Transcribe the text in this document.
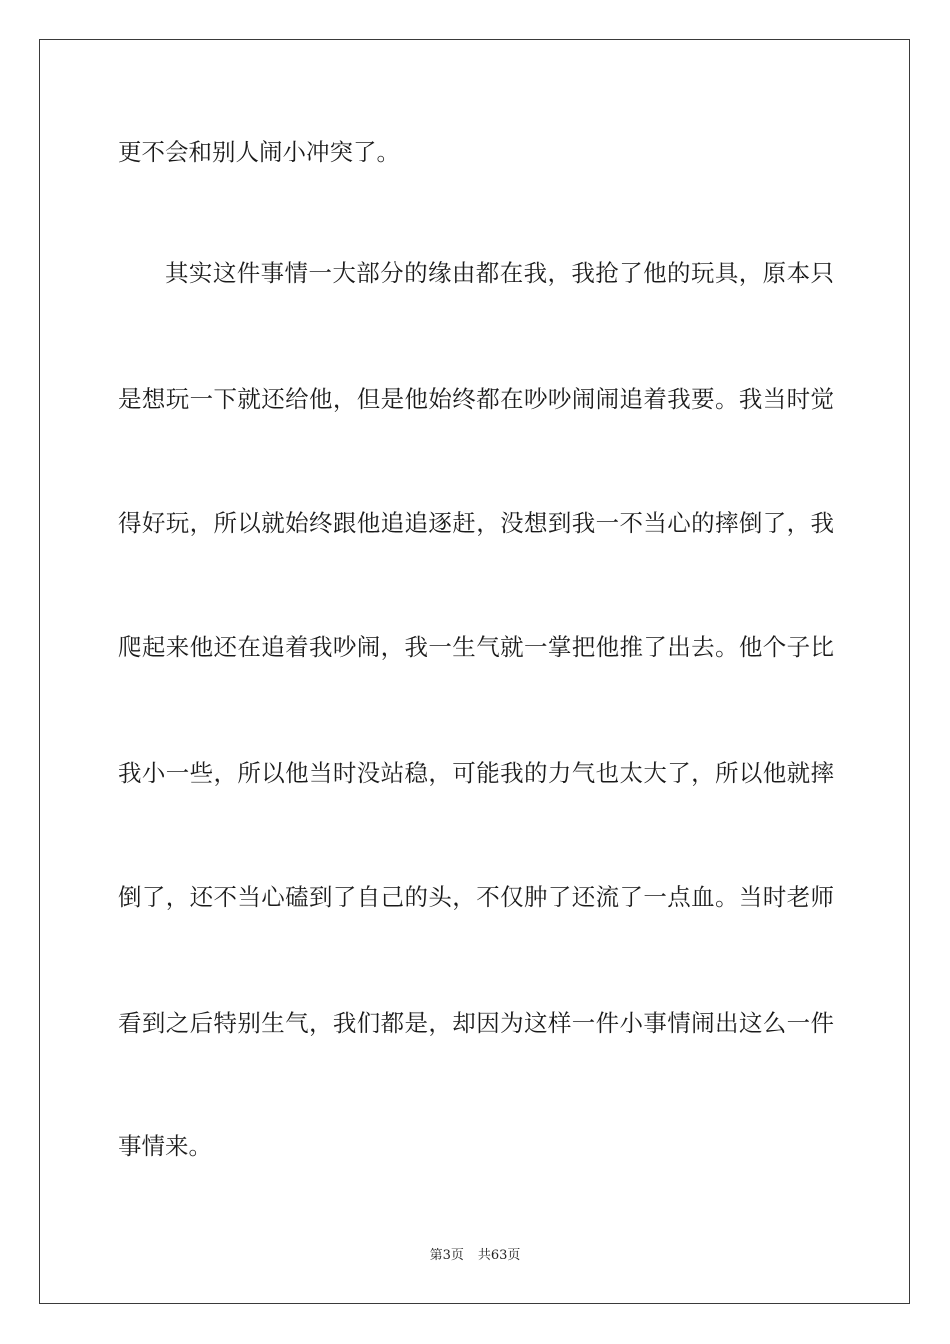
更不会和别人闹小冲突了。
其实这件事情一大部分的缘由都在我，我抢了他的玩具，原本只
是想玩一下就还给他，但是他始终都在吵吵闹闹追着我要。我当时觉
得好玩，所以就始终跟他追追逐赶，没想到我一不当心的摔倒了，我
爬起来他还在追着我吵闹，我一生气就一掌把他推了出去。他个子比
我小一些，所以他当时没站稳，可能我的力气也太大了，所以他就摔
倒了，还不当心磕到了自己的头，不仅肿了还流了一点血。当时老师
看到之后特别生气，我们都是，却因为这样一件小事情闹出这么一件
事情来。
第3页 共63页
